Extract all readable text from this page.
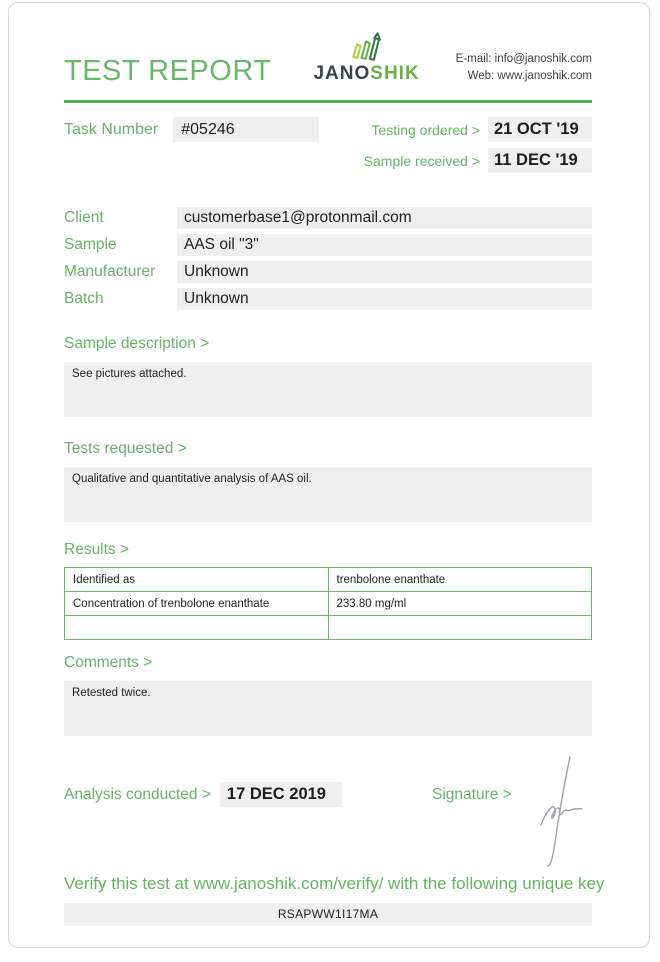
TEST REPORT JANOSHIK
E-mail: info@janoshik.com
Web: www.janoshik.com
Task Number	#05246	Testing ordered > 21 OCT '19
Sample received > 11 DEC '19
Client	customerbase1@protonmail.com
Sample	AAS oil "3"
Manufacturer	Unknown
Batch	Unknown
Sample description >
See pictures attached.
Tests requested >
Qualitative and quantitative analysis of AAS oil.
Results >
Identified as	trenbolone enanthate
Concentration of trenbolone enanthate	233.80 mg/ml

Comments >
Retested twice.
Analysis conducted > 17 DEC 2019	Signature >
Verify this test at www.janoshik.com/verify/ with the following unique key
RSAPWW1I17MA
